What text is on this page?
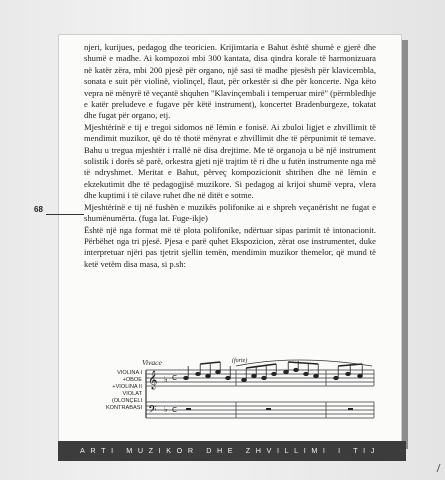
68

njeri, kurijues, pedagog dhe teoricien. Krijimtaria e Bahut është shumë e gjerë dhe shumë e madhe. Ai kompozoi mbi 300 kantata, disa qindra korale të harmonizuara në katër zëra, mbi 200 pjesë për organo, një sasi të madhe pjesësh për klavicembla, sonata e suit për violinë, violinçel, flaut, për orkestër si dhe për koncerte. Nga këto vepra në mënyrë të veçantë shquhen "Klavinçembali i temperuar mirë" (përmbledhje e katër preludeve e fugave për këtë instrument), koncertet Bradenburgeze, tokatat dhe fugat për organo, etj.

Mjeshtërinë e tij e tregoi sidomos në lëmin e fonisë. Ai zbuloi ligjet e zhvillimit të mendimit muzikor, që do të thotë mënyrat e zhvillimit dhe të përpunimit të temave. Bahu u tregua mjeshtër i rrallë në disa drejtime. Me të organoja u bë një instrument solistik i dorës së parë, orkestra gjeti një trajtim të ri dhe u futën instrumente nga më të ndryshmet. Meritat e Bahut, përveç kompozicionit shtrihen dhe në lëmin e ekzekutimit dhe të pedagogjisë muzikore. Si pedagog ai krijoi shumë vepra, vlera dhe kuptimi i të cilave ruhet dhe në ditët e sotme.

Mjeshtërinë e tij në fushën e muzikës polifonike ai e shpreh veçanërisht ne fugat e shumënumërta. (fuga lat. Fuge-ikje)

Është një nga format më të plota polifonike, ndërtuar sipas parimit të intonacionit. Përbëhet nga tri pjesë. Pjesa e parë quhet Ekspozicion, zërat ose instrumentet, duke interpretuar njëri pas tjetrit sjellin temën, mendimin muzikor themelor, që mund të ketë vetëm disa masa, si p.sh:

Vivace	(forte)
VIOLINA I
+OBOE
+VIOLINA II
VIOLAT
(OLONÇELI
KONTRABASI
𝄞
𝄢
♭
♭
C
C
ARTI MUZIKOR DHE ZHVILLIMI I TIJ
